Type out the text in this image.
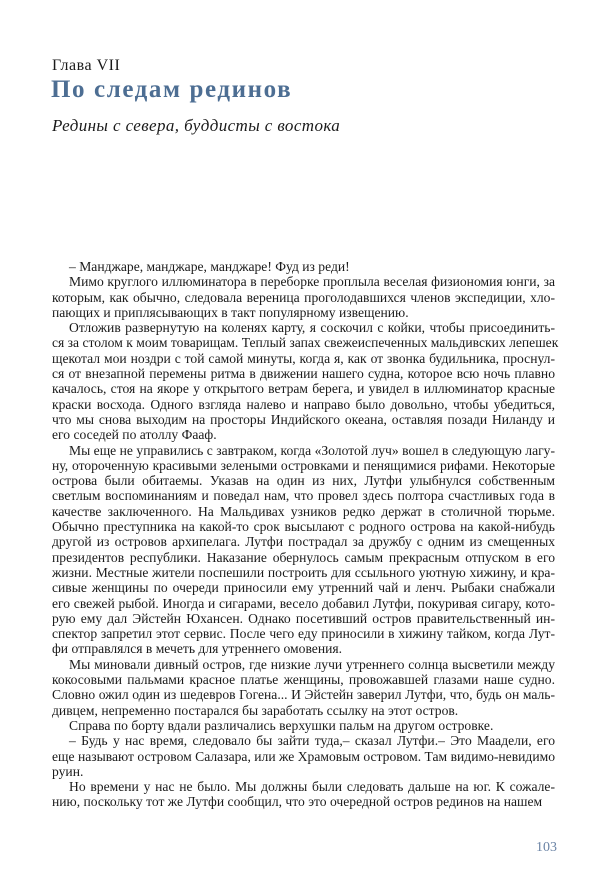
Глава VII
По следам рединов
Редины с севера, буддисты с востока
– Манджаре, манджаре, манджаре! Фуд из реди!
Мимо круглого иллюминатора в переборке проплыла веселая физиономия юнги, за
которым, как обычно, следовала вереница проголодавшихся членов экспедиции, хло-
пающих и приплясывающих в такт популярному извещению.
Отложив развернутую на коленях карту, я соскочил с койки, чтобы присоединить-
ся за столом к моим товарищам. Теплый запах свежеиспеченных мальдивских лепешек
щекотал мои ноздри с той самой минуты, когда я, как от звонка будильника, проснул-
ся от внезапной перемены ритма в движении нашего судна, которое всю ночь плавно
качалось, стоя на якоре у открытого ветрам берега, и увидел в иллюминатор красные
краски восхода. Одного взгляда налево и направо было довольно, чтобы убедиться,
что мы снова выходим на просторы Индийского океана, оставляя позади Ниланду и
его соседей по атоллу Фааф.
Мы еще не управились с завтраком, когда «Золотой луч» вошел в следующую лагу-
ну, отороченную красивыми зелеными островками и пенящимися рифами. Некоторые
острова были обитаемы. Указав на один из них, Лутфи улыбнулся собственным
светлым воспоминаниям и поведал нам, что провел здесь полтора счастливых года в
качестве заключенного. На Мальдивах узников редко держат в столичной тюрьме.
Обычно преступника на какой-то срок высылают с родного острова на какой-нибудь
другой из островов архипелага. Лутфи пострадал за дружбу с одним из смещенных
президентов республики. Наказание обернулось самым прекрасным отпуском в его
жизни. Местные жители поспешили построить для ссыльного уютную хижину, и кра-
сивые женщины по очереди приносили ему утренний чай и ленч. Рыбаки снабжали
его свежей рыбой. Иногда и сигарами, весело добавил Лутфи, покуривая сигару, кото-
рую ему дал Эйстейн Юхансен. Однако посетивший остров правительственный ин-
спектор запретил этот сервис. После чего еду приносили в хижину тайком, когда Лут-
фи отправлялся в мечеть для утреннего омовения.
Мы миновали дивный остров, где низкие лучи утреннего солнца высветили между
кокосовыми пальмами красное платье женщины, провожавшей глазами наше судно.
Словно ожил один из шедевров Гогена... И Эйстейн заверил Лутфи, что, будь он маль-
дивцем, непременно постарался бы заработать ссылку на этот остров.
Справа по борту вдали различались верхушки пальм на другом островке.
– Будь у нас время, следовало бы зайти туда,– сказал Лутфи.– Это Маадели, его
еще называют островом Салазара, или же Храмовым островом. Там видимо-невидимо
руин.
Но времени у нас не было. Мы должны были следовать дальше на юг. К сожале-
нию, поскольку тот же Лутфи сообщил, что это очередной остров рединов на нашем
103
